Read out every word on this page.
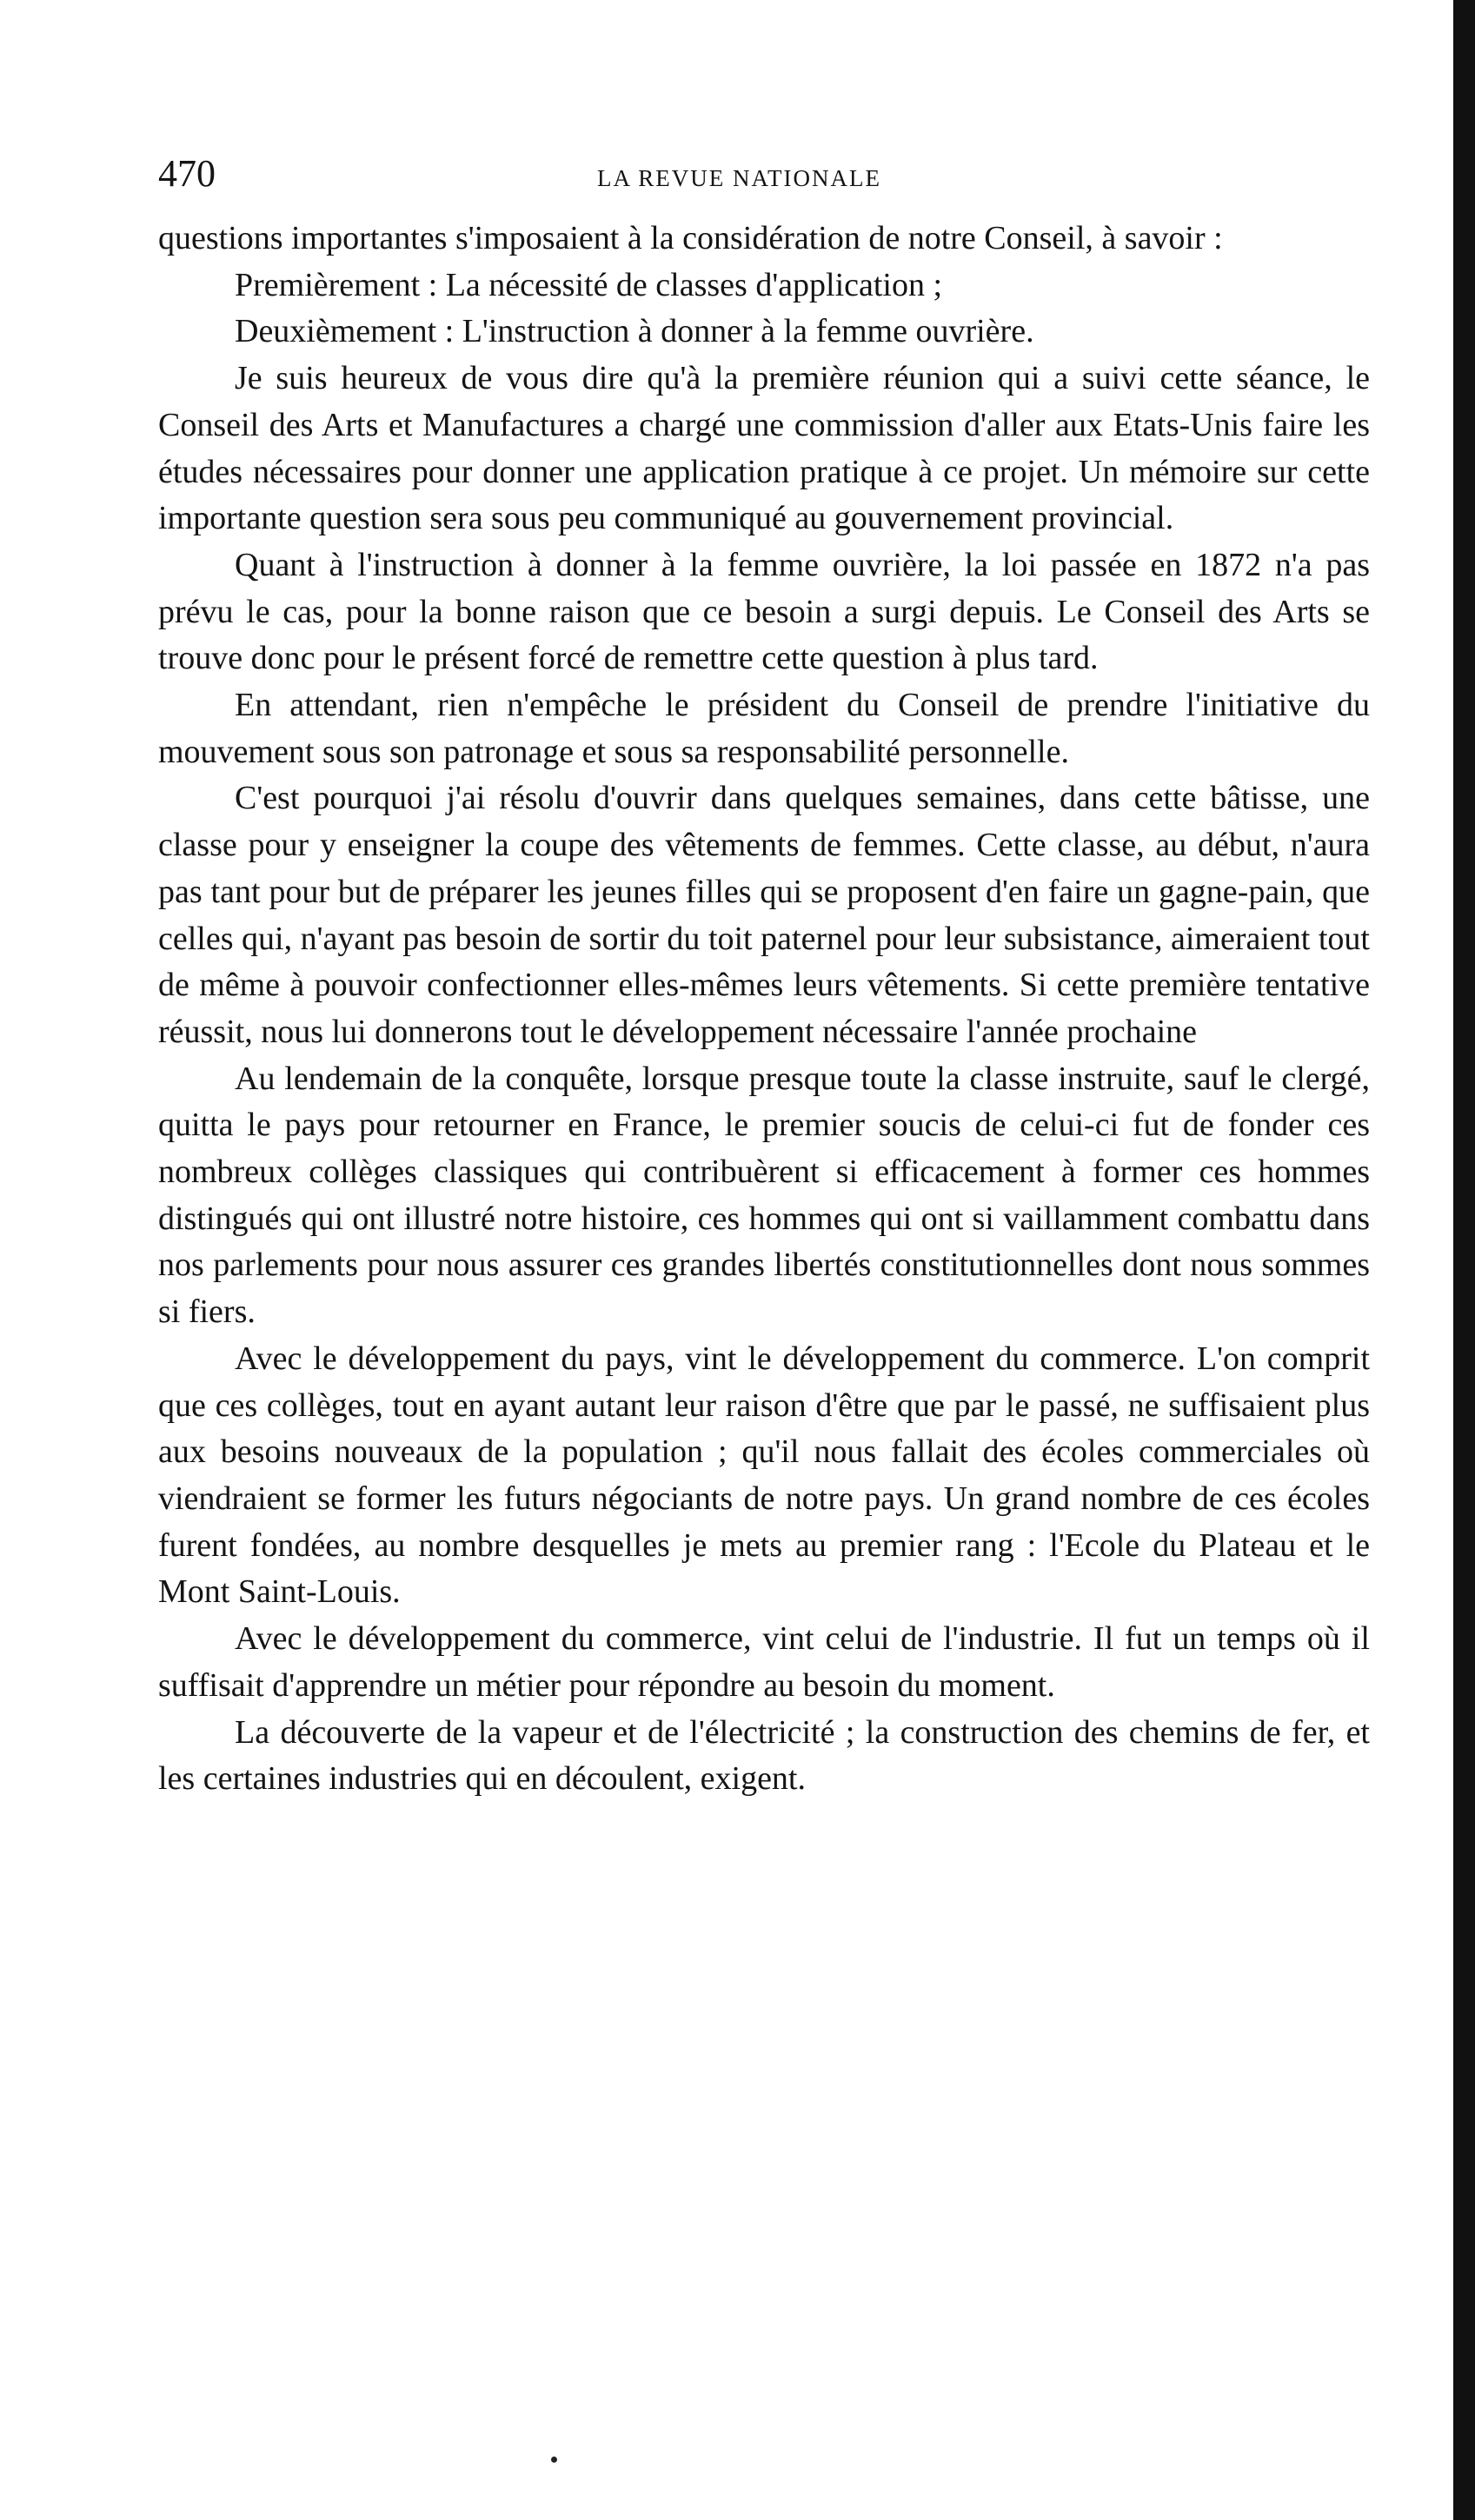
470	LA REVUE NATIONALE

questions importantes s'imposaient à la considération de notre Conseil, à savoir :

Premièrement : La nécessité de classes d'application ;

Deuxièmement : L'instruction à donner à la femme ouvrière.

Je suis heureux de vous dire qu'à la première réunion qui a suivi cette séance, le Conseil des Arts et Manufactures a chargé une commission d'aller aux Etats-Unis faire les études nécessaires pour donner une application pratique à ce projet. Un mémoire sur cette importante question sera sous peu communiqué au gouvernement provincial.

Quant à l'instruction à donner à la femme ouvrière, la loi passée en 1872 n'a pas prévu le cas, pour la bonne raison que ce besoin a surgi depuis. Le Conseil des Arts se trouve donc pour le présent forcé de remettre cette question à plus tard.

En attendant, rien n'empêche le président du Conseil de prendre l'initiative du mouvement sous son patronage et sous sa responsabilité personnelle.

C'est pourquoi j'ai résolu d'ouvrir dans quelques semaines, dans cette bâtisse, une classe pour y enseigner la coupe des vêtements de femmes. Cette classe, au début, n'aura pas tant pour but de préparer les jeunes filles qui se proposent d'en faire un gagne-pain, que celles qui, n'ayant pas besoin de sortir du toit paternel pour leur subsistance, aimeraient tout de même à pouvoir confectionner elles-mêmes leurs vêtements. Si cette première tentative réussit, nous lui donnerons tout le développement nécessaire l'année prochaine

Au lendemain de la conquête, lorsque presque toute la classe instruite, sauf le clergé, quitta le pays pour retourner en France, le premier soucis de celui-ci fut de fonder ces nombreux collèges classiques qui contribuèrent si efficacement à former ces hommes distingués qui ont illustré notre histoire, ces hommes qui ont si vaillamment combattu dans nos parlements pour nous assurer ces grandes libertés constitutionnelles dont nous sommes si fiers.

Avec le développement du pays, vint le développement du commerce. L'on comprit que ces collèges, tout en ayant autant leur raison d'être que par le passé, ne suffisaient plus aux besoins nouveaux de la population ; qu'il nous fallait des écoles commerciales où viendraient se former les futurs négociants de notre pays. Un grand nombre de ces écoles furent fondées, au nombre desquelles je mets au premier rang : l'Ecole du Plateau et le Mont Saint-Louis.

Avec le développement du commerce, vint celui de l'industrie. Il fut un temps où il suffisait d'apprendre un métier pour répondre au besoin du moment.

La découverte de la vapeur et de l'électricité ; la construction des chemins de fer, et les certaines industries qui en découlent, exigent.
